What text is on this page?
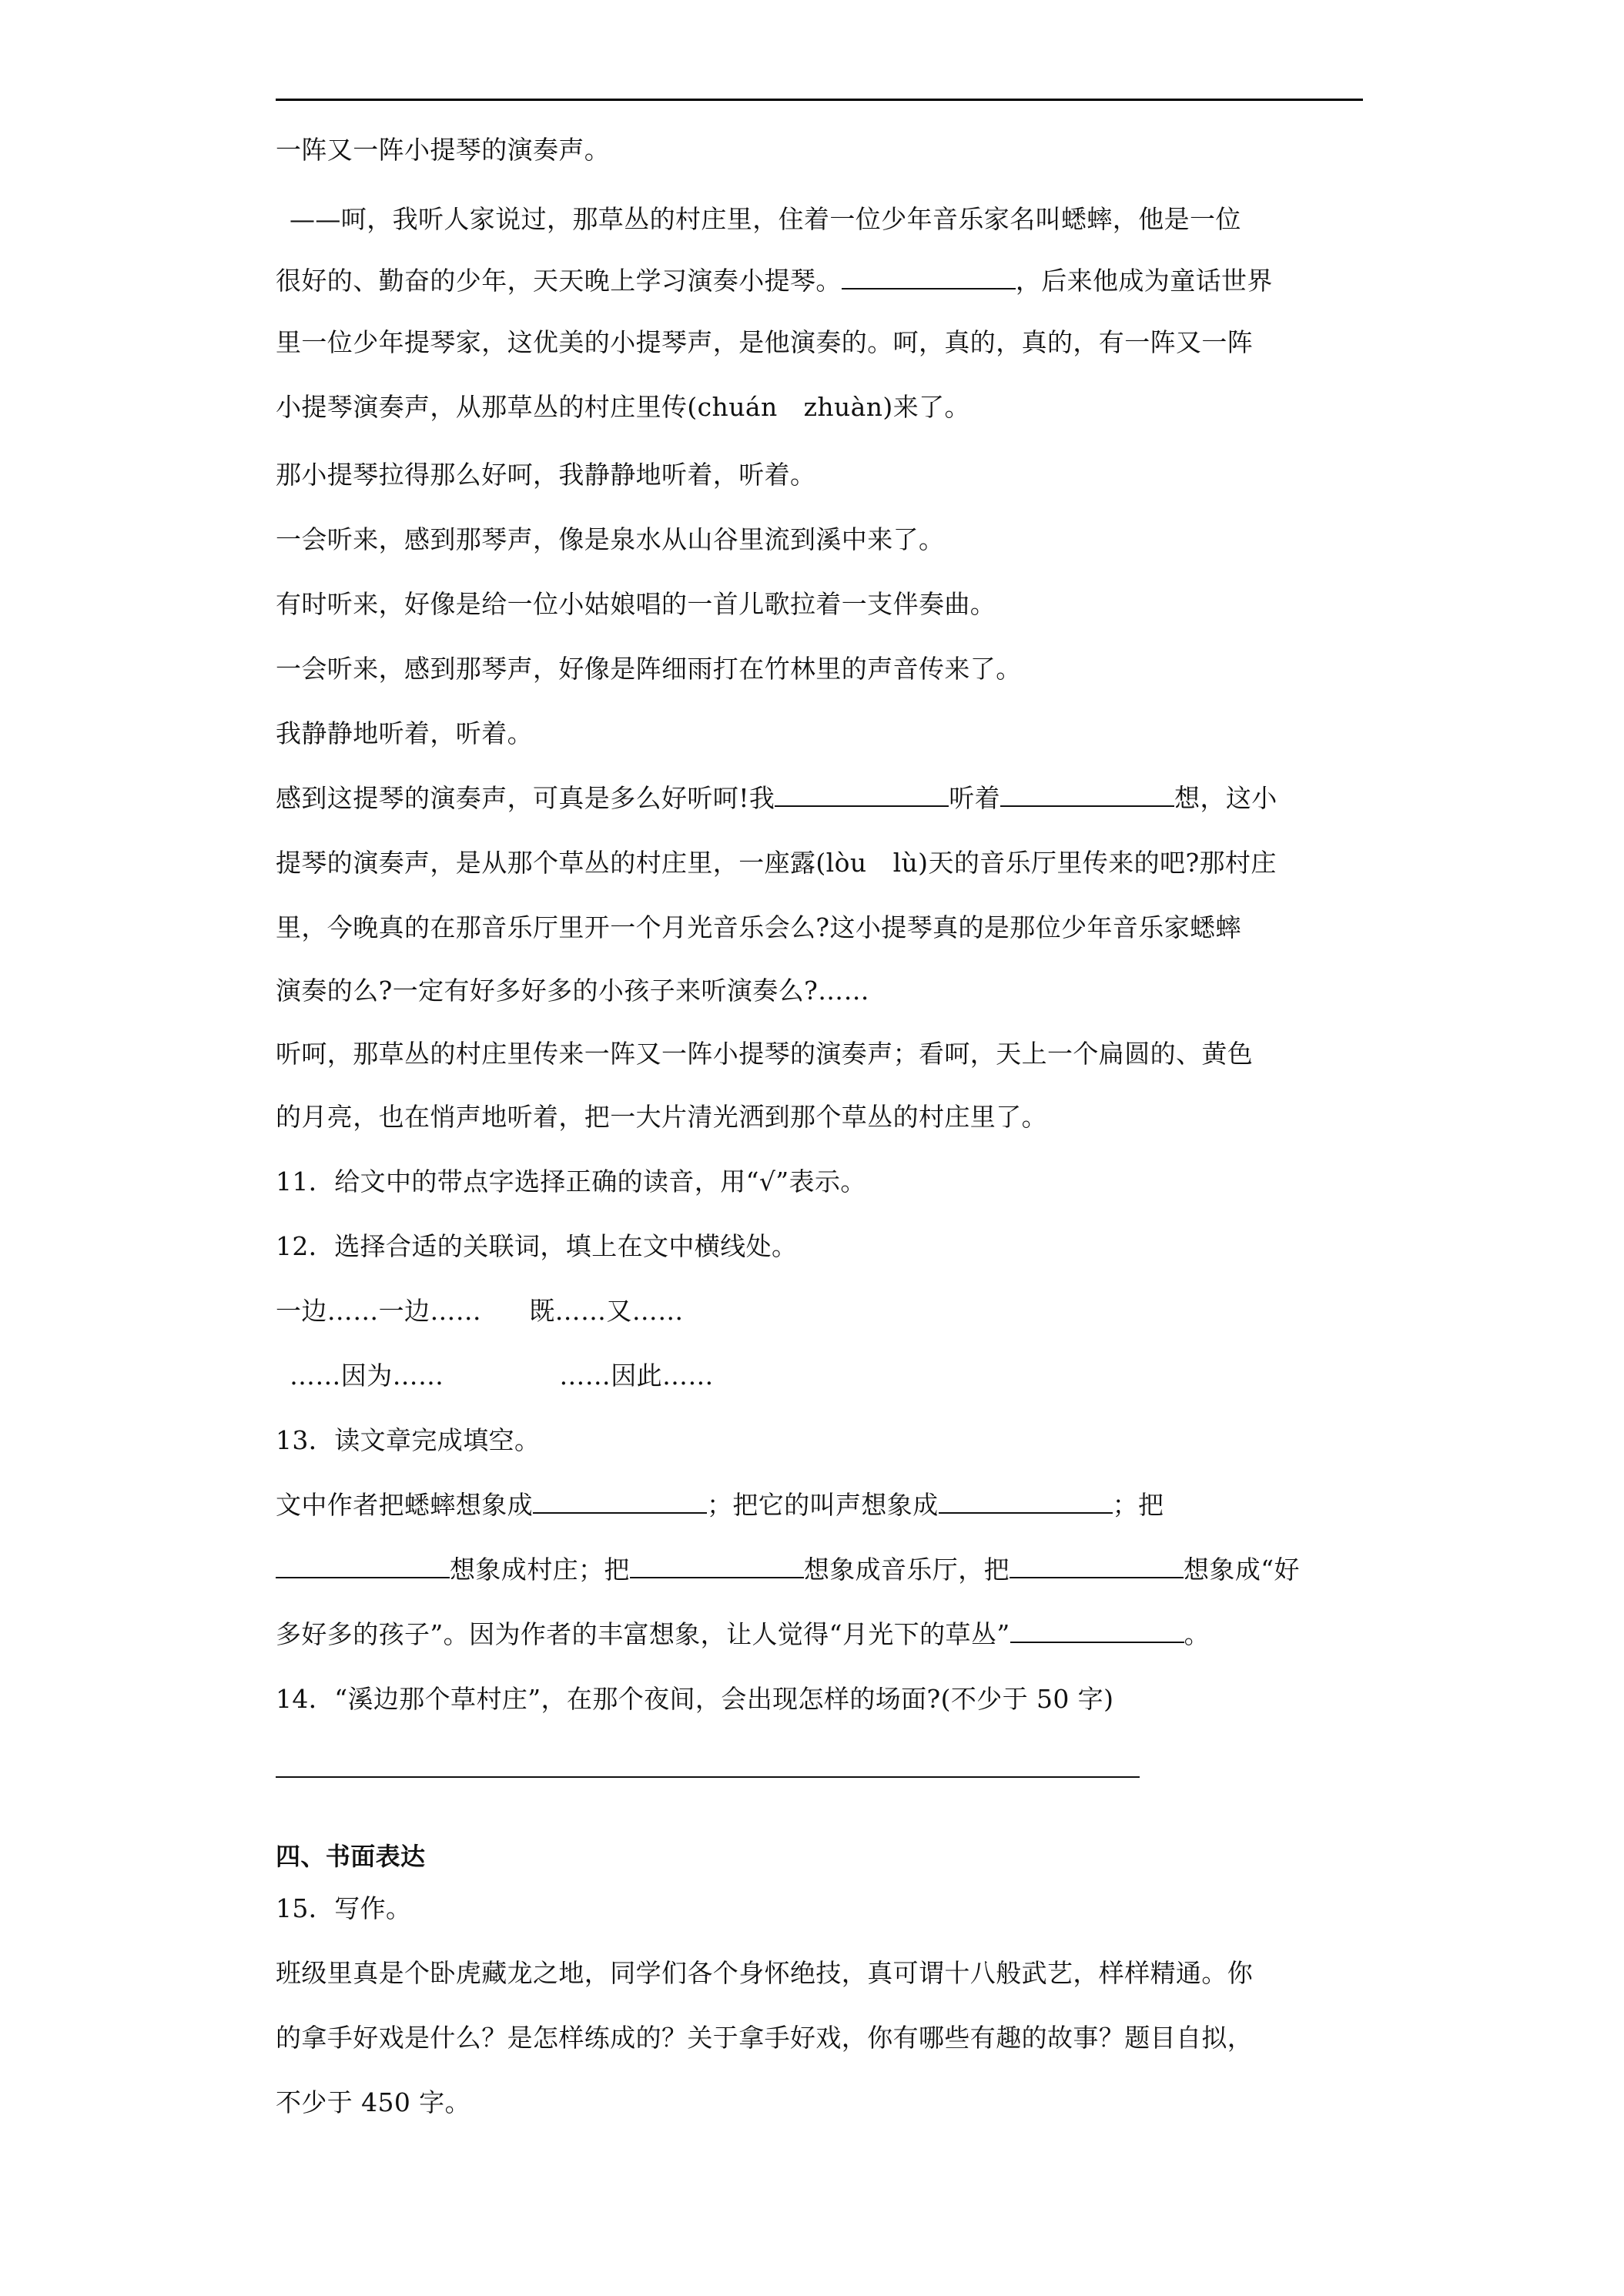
一阵又一阵小提琴的演奏声。
——呵，我听人家说过，那草丛的村庄里，住着一位少年音乐家名叫蟋蟀，他是一位
很好的、勤奋的少年，天天晚上学习演奏小提琴。	，后来他成为童话世界
里一位少年提琴家，这优美的小提琴声，是他演奏的。呵，真的，真的，有一阵又一阵
小提琴演奏声，从那草丛的村庄里传(chuán zhuàn)来了。
那小提琴拉得那么好呵，我静静地听着，听着。
一会听来，感到那琴声，像是泉水从山谷里流到溪中来了。
有时听来，好像是给一位小姑娘唱的一首儿歌拉着一支伴奏曲。
一会听来，感到那琴声，好像是阵细雨打在竹林里的声音传来了。
我静静地听着，听着。
感到这提琴的演奏声，可真是多么好听呵!我	听着	想，这小
提琴的演奏声，是从那个草丛的村庄里，一座露(lòu lù)天的音乐厅里传来的吧?那村庄
里，今晚真的在那音乐厅里开一个月光音乐会么?这小提琴真的是那位少年音乐家蟋蟀
演奏的么?一定有好多好多的小孩子来听演奏么?……
听呵，那草丛的村庄里传来一阵又一阵小提琴的演奏声；看呵，天上一个扁圆的、黄色
的月亮，也在悄声地听着，把一大片清光洒到那个草丛的村庄里了。
11．给文中的带点字选择正确的读音，用“√”表示。
12．选择合适的关联词，填上在文中横线处。
一边……一边…… 既……又……
……因为……	……因此……
13．读文章完成填空。
文中作者把蟋蟀想象成	；把它的叫声想象成	；把
想象成村庄；把	想象成音乐厅，把	想象成“好
多好多的孩子”。因为作者的丰富想象，让人觉得“月光下的草丛”	。
14．“溪边那个草村庄”，在那个夜间，会出现怎样的场面?(不少于 50 字)
四、书面表达
15．写作。
班级里真是个卧虎藏龙之地，同学们各个身怀绝技，真可谓十八般武艺，样样精通。你
的拿手好戏是什么？是怎样练成的？关于拿手好戏，你有哪些有趣的故事？题目自拟，
不少于 450 字。
